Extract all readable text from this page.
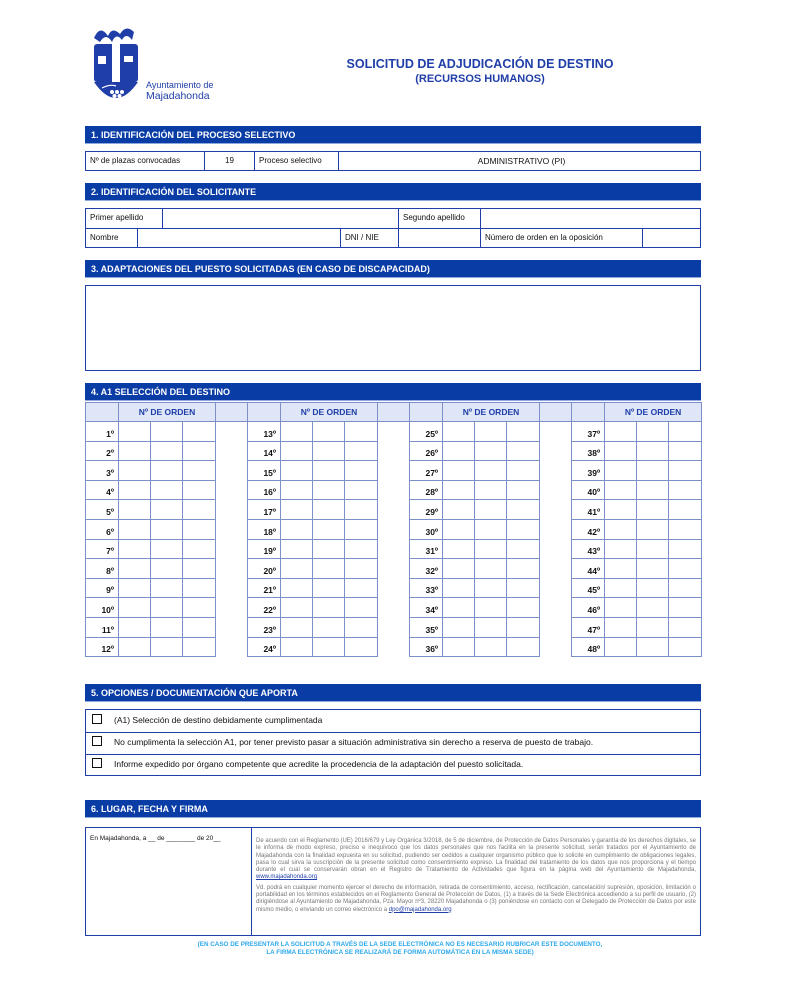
Ayuntamiento de
Majadahonda
SOLICITUD DE ADJUDICACIÓN DE DESTINO
(RECURSOS HUMANOS)
1. IDENTIFICACIÓN DEL PROCESO SELECTIVO
Nº de plazas convocadas	19	Proceso selectivo	ADMINISTRATIVO (PI)
2. IDENTIFICACIÓN DEL SOLICITANTE
Primer apellido	Segundo apellido
Nombre	DNI / NIE	Número de orden en la oposición
3. ADAPTACIONES DEL PUESTO SOLICITADAS (EN CASO DE DISCAPACIDAD)
4. A1 SELECCIÓN DEL DESTINO
	Nº DE ORDEN					Nº DE ORDEN					Nº DE ORDEN					Nº DE ORDEN		
1º					13º					25º					37º			
2º					14º					26º					38º			
3º					15º					27º					39º			
4º					16º					28º					40º			
5º					17º					29º					41º			
6º					18º					30º					42º			
7º					19º					31º					43º			
8º					20º					32º					44º			
9º					21º					33º					45º			
10º					22º					34º					46º			
11º					23º					35º					47º			
12º					24º					36º					48º			
5. OPCIONES / DOCUMENTACIÓN QUE APORTA
(A1) Selección de destino debidamente cumplimentada
No cumplimenta la selección A1, por tener previsto pasar a situación administrativa sin derecho a reserva de puesto de trabajo.
Informe expedido por órgano competente que acredite la procedencia de la adaptación del puesto solicitada.
6. LUGAR, FECHA Y FIRMA
En Majadahonda, a __ de ________ de 20__	De acuerdo con el Reglamento (UE) 2016/679 y Ley Orgánica 3/2018, de 5 de diciembre, de Protección de Datos Personales y garantía de los derechos digitales, se le informa de modo expreso, preciso e inequívoco que los datos personales que nos facilita en la presente solicitud, serán tratados por el Ayuntamiento de Majadahonda con la finalidad expuesta en su solicitud, pudiendo ser cedidos a cualquier organismo público que lo solicite en cumplimiento de obligaciones legales, pasa lo cual sirva la suscripción de la presente solicitud como consentimiento expreso. La finalidad del tratamiento de los datos que nos proporciona y el tiempo durante el cual se conservarán obran en el Registro de Tratamiento de Actividades que figura en la página web del Ayuntamiento de Majadahonda, www.majadahonda.org
Vd. podrá en cualquier momento ejercer el derecho de información, retirada de consentimiento, acceso, rectificación, cancelación/ supresión, oposición, limitación o portabilidad en los términos establecidos en el Reglamento General de Protección de Datos, (1) a través de la Sede Electrónica accediendo a su perfil de usuario, (2) dirigiéndose al Ayuntamiento de Majadahonda, Pza. Mayor nº3, 28220 Majadahonda o (3) poniéndose en contacto con el Delegado de Protección de Datos por este mismo medio, o enviando un correo electrónico a dpo@majadahonda.org
(EN CASO DE PRESENTAR LA SOLICITUD A TRAVÉS DE LA SEDE ELECTRÓNICA NO ES NECESARIO RUBRICAR ESTE DOCUMENTO,
LA FIRMA ELECTRÓNICA SE REALIZARÁ DE FORMA AUTOMÁTICA EN LA MISMA SEDE)
